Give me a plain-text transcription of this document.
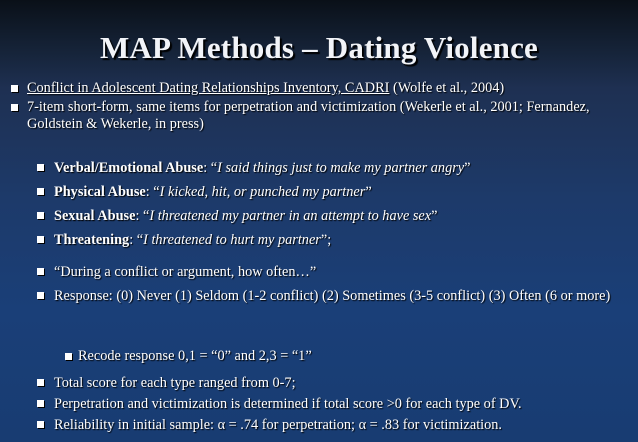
MAP Methods – Dating Violence
Conflict in Adolescent Dating Relationships Inventory, CADRI (Wolfe et al., 2004)
7-item short-form, same items for perpetration and victimization (Wekerle et al., 2001; Fernandez, Goldstein & Wekerle, in press)
Verbal/Emotional Abuse: “I said things just to make my partner angry”
Physical Abuse: “I kicked, hit, or punched my partner”
Sexual Abuse: “I threatened my partner in an attempt to have sex”
Threatening: “I threatened to hurt my partner”;
“During a conflict or argument, how often…”
Response: (0) Never (1) Seldom (1-2 conflict) (2) Sometimes (3-5 conflict) (3) Often (6 or more)
Recode response 0,1 = “0” and 2,3 = “1”
Total score for each type ranged from 0-7;
Perpetration and victimization is determined if total score >0 for each type of DV.
Reliability in initial sample: α = .74 for perpetration; α = .83 for victimization.
